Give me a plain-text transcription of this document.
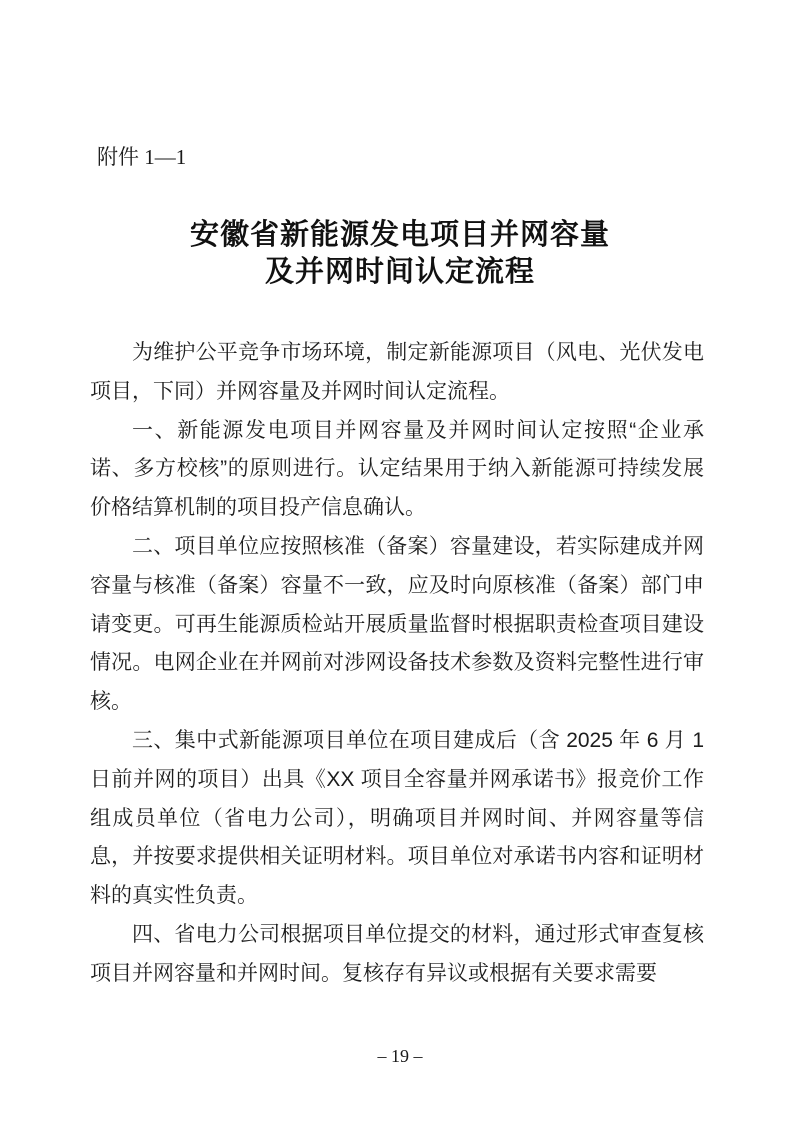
附件 1—1
安徽省新能源发电项目并网容量
及并网时间认定流程

为维护公平竞争市场环境，制定新能源项目（风电、光伏发电项目，下同）并网容量及并网时间认定流程。

一、新能源发电项目并网容量及并网时间认定按照“企业承诺、多方校核”的原则进行。认定结果用于纳入新能源可持续发展价格结算机制的项目投产信息确认。

二、项目单位应按照核准（备案）容量建设，若实际建成并网容量与核准（备案）容量不一致，应及时向原核准（备案）部门申请变更。可再生能源质检站开展质量监督时根据职责检查项目建设情况。电网企业在并网前对涉网设备技术参数及资料完整性进行审核。

三、集中式新能源项目单位在项目建成后（含 2025 年 6 月 1 日前并网的项目）出具《XX 项目全容量并网承诺书》报竞价工作组成员单位（省电力公司），明确项目并网时间、并网容量等信息，并按要求提供相关证明材料。项目单位对承诺书内容和证明材料的真实性负责。

四、省电力公司根据项目单位提交的材料，通过形式审查复核项目并网容量和并网时间。复核存有异议或根据有关要求需要

– 19 –
